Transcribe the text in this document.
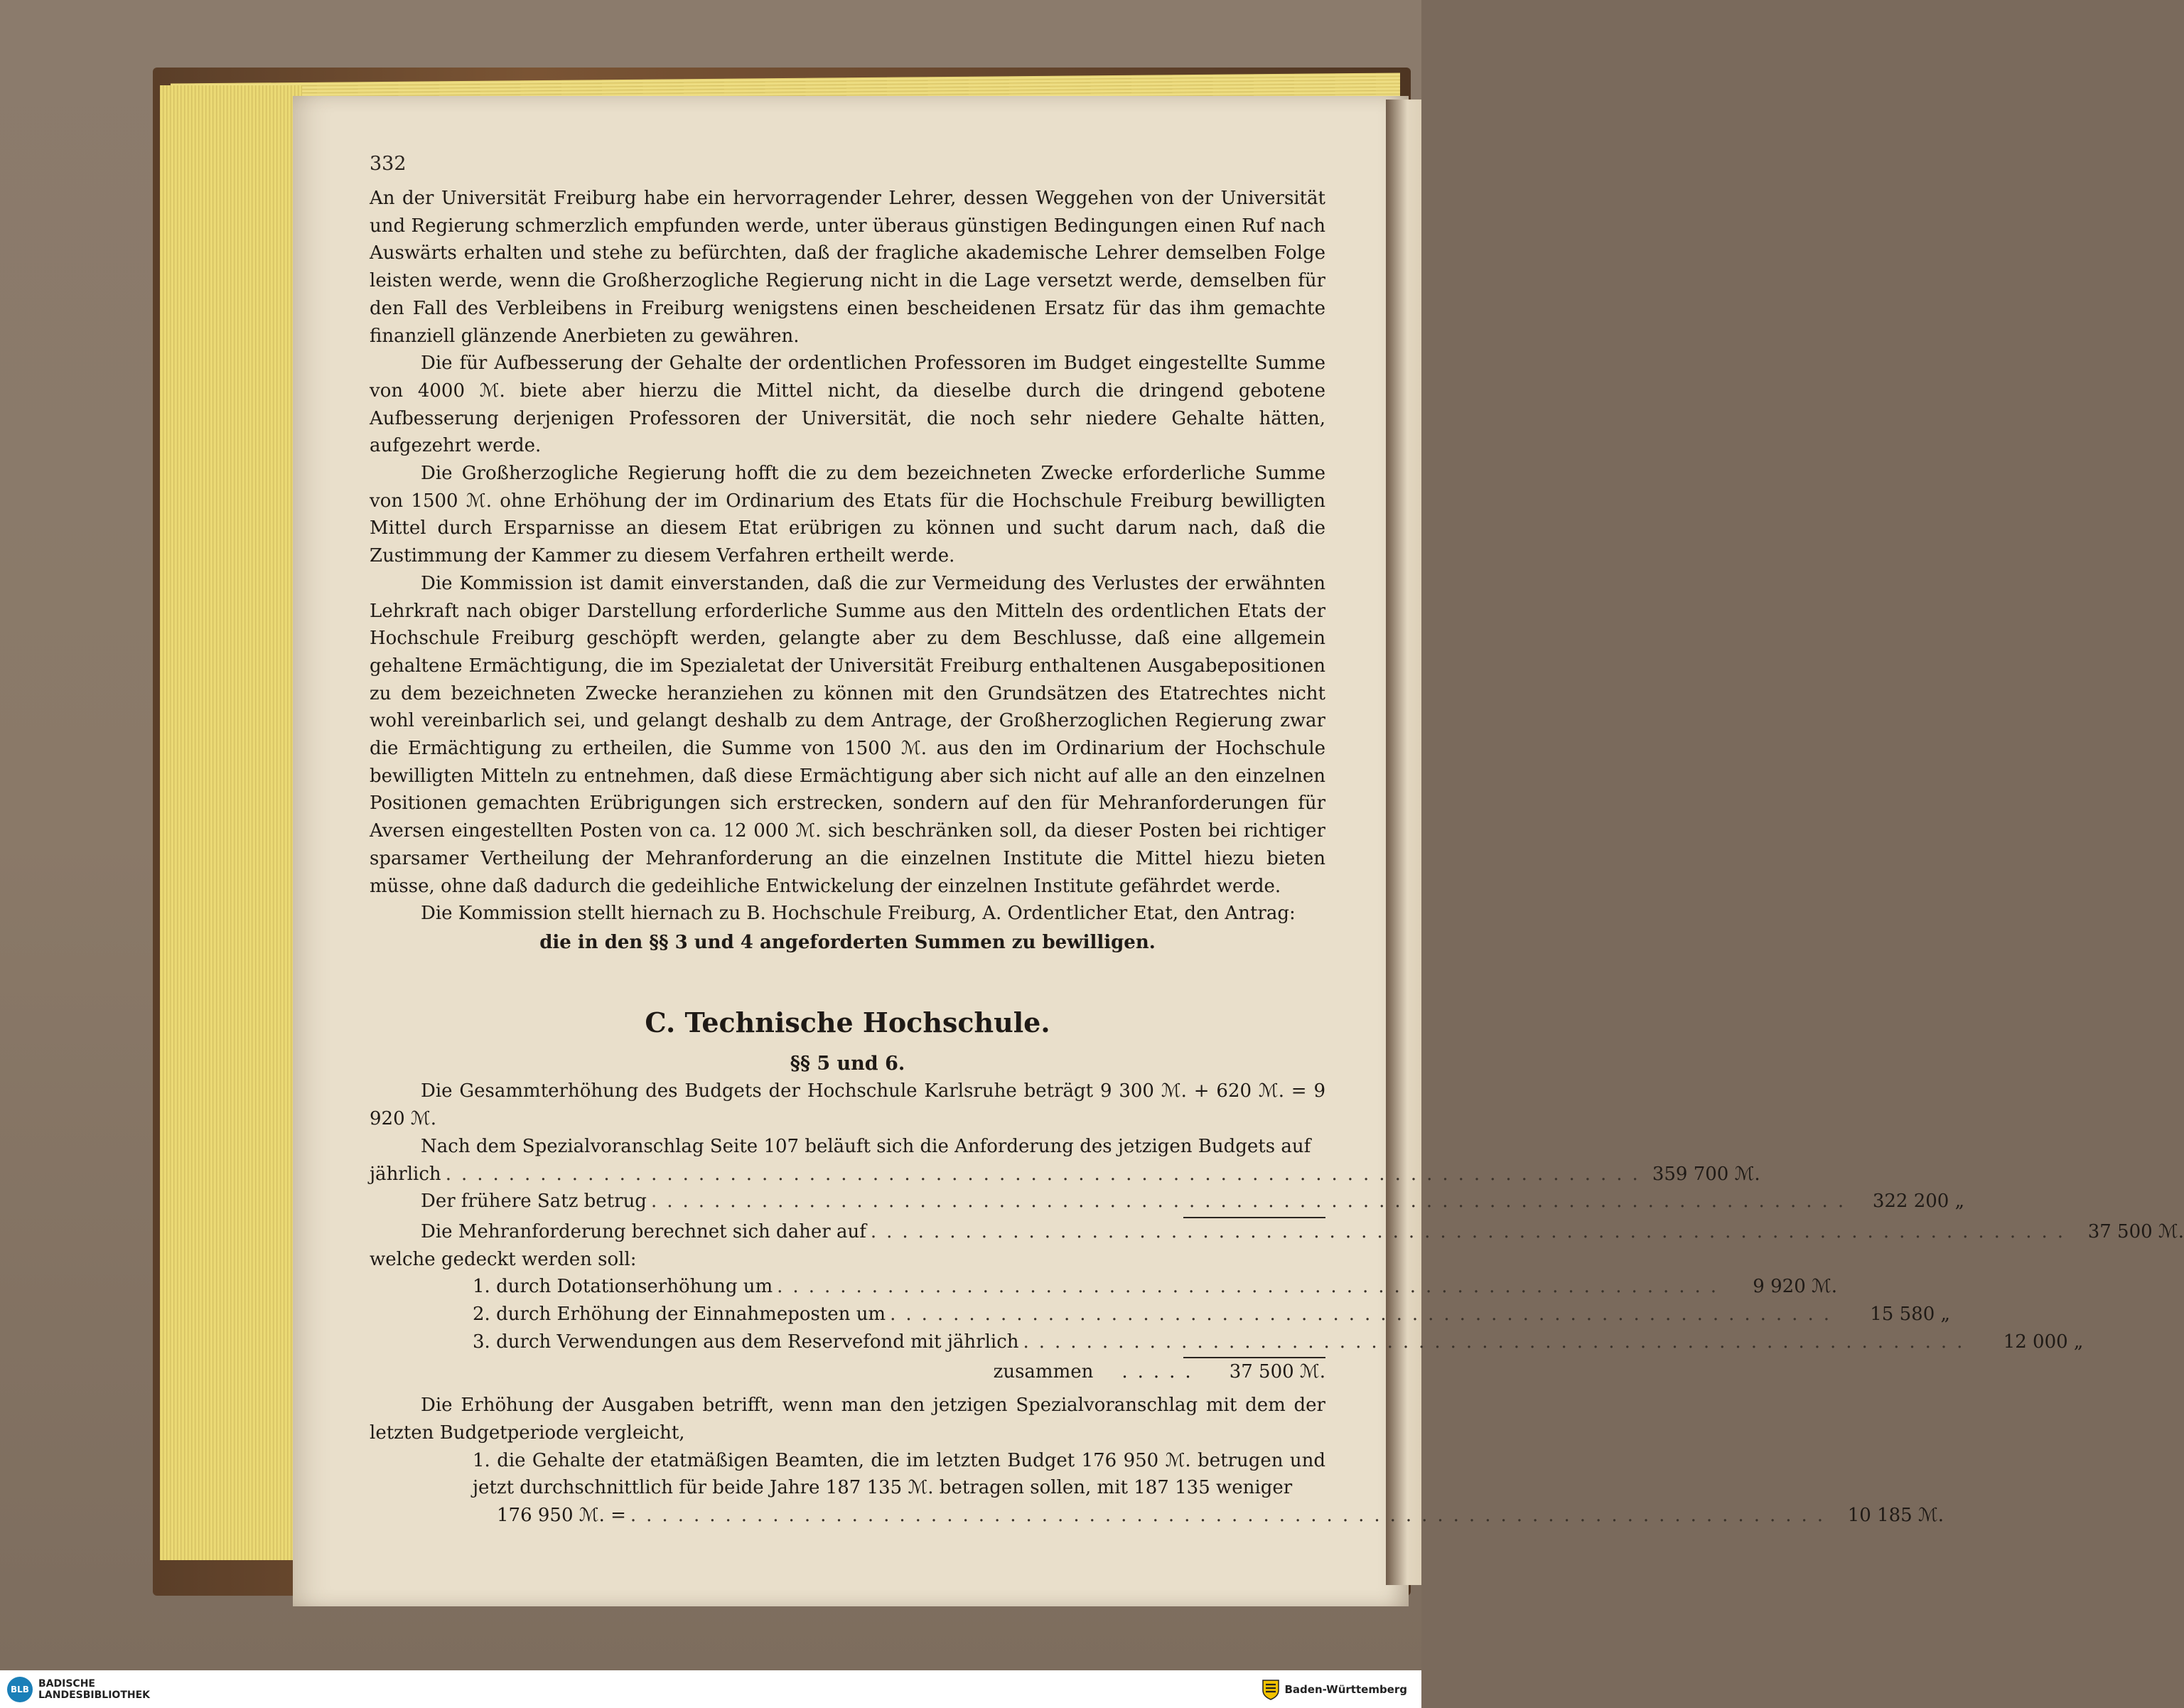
332

An der Universität Freiburg habe ein hervorragender Lehrer, dessen Weggehen von der Universität und Regierung schmerzlich empfunden werde, unter überaus günstigen Bedingungen einen Ruf nach Auswärts erhalten und stehe zu befürchten, daß der fragliche akademische Lehrer demselben Folge leisten werde, wenn die Großherzogliche Regierung nicht in die Lage versetzt werde, demselben für den Fall des Verbleibens in Freiburg wenigstens einen bescheidenen Ersatz für das ihm gemachte finanziell glänzende Anerbieten zu gewähren.

Die für Aufbesserung der Gehalte der ordentlichen Professoren im Budget eingestellte Summe von 4000 ℳ. biete aber hierzu die Mittel nicht, da dieselbe durch die dringend gebotene Aufbesserung derjenigen Professoren der Universität, die noch sehr niedere Gehalte hätten, aufgezehrt werde.

Die Großherzogliche Regierung hofft die zu dem bezeichneten Zwecke erforderliche Summe von 1500 ℳ. ohne Erhöhung der im Ordinarium des Etats für die Hochschule Freiburg bewilligten Mittel durch Ersparnisse an diesem Etat erübrigen zu können und sucht darum nach, daß die Zustimmung der Kammer zu diesem Verfahren ertheilt werde.

Die Kommission ist damit einverstanden, daß die zur Vermeidung des Verlustes der erwähnten Lehrkraft nach obiger Darstellung erforderliche Summe aus den Mitteln des ordentlichen Etats der Hochschule Freiburg geschöpft werden, gelangte aber zu dem Beschlusse, daß eine allgemein gehaltene Ermächtigung, die im Spezialetat der Universität Freiburg enthaltenen Ausgabepositionen zu dem bezeichneten Zwecke heranziehen zu können mit den Grundsätzen des Etatrechtes nicht wohl vereinbarlich sei, und gelangt deshalb zu dem Antrage, der Großherzoglichen Regierung zwar die Ermächtigung zu ertheilen, die Summe von 1500 ℳ. aus den im Ordinarium der Hochschule bewilligten Mitteln zu entnehmen, daß diese Ermächtigung aber sich nicht auf alle an den einzelnen Positionen gemachten Erübrigungen sich erstrecken, sondern auf den für Mehranforderungen für Aversen eingestellten Posten von ca. 12 000 ℳ. sich beschränken soll, da dieser Posten bei richtiger sparsamer Vertheilung der Mehranforderung an die einzelnen Institute die Mittel hiezu bieten müsse, ohne daß dadurch die gedeihliche Entwickelung der einzelnen Institute gefährdet werde.

Die Kommission stellt hiernach zu B. Hochschule Freiburg, A. Ordentlicher Etat, den Antrag:

die in den §§ 3 und 4 angeforderten Summen zu bewilligen.

C. Technische Hochschule.
§§ 5 und 6.

Die Gesammterhöhung des Budgets der Hochschule Karlsruhe beträgt 9 300 ℳ. + 620 ℳ. = 9 920 ℳ.

Nach dem Spezialvoranschlag Seite 107 beläuft sich die Anforderung des jetzigen Budgets auf

jährlich ............................................................................ 359 700 ℳ.
Der frühere Satz betrug ............................................................................	322 200 „
Die Mehranforderung berechnet sich daher auf ............................................................................ 37 500 ℳ.
welche gedeckt werden soll:
1. durch Dotationserhöhung um ............................................................	9 920 ℳ.
2. durch Erhöhung der Einnahmeposten um ............................................................	15 580 „
3. durch Verwendungen aus dem Reservefond mit jährlich ............................................................	12 000 „
zusammen ..... 37 500 ℳ.

Die Erhöhung der Ausgaben betrifft, wenn man den jetzigen Spezialvoranschlag mit dem der letzten Budgetperiode vergleicht,

1. die Gehalte der etatmäßigen Beamten, die im letzten Budget 176 950 ℳ. betrugen und jetzt durchschnittlich für beide Jahre 187 135 ℳ. betragen sollen, mit 187 135 weniger
176 950 ℳ. = ............................................................................ 10 185 ℳ.
BLB BADISCHE
LANDESBIBLIOTHEK	Baden-Württemberg
